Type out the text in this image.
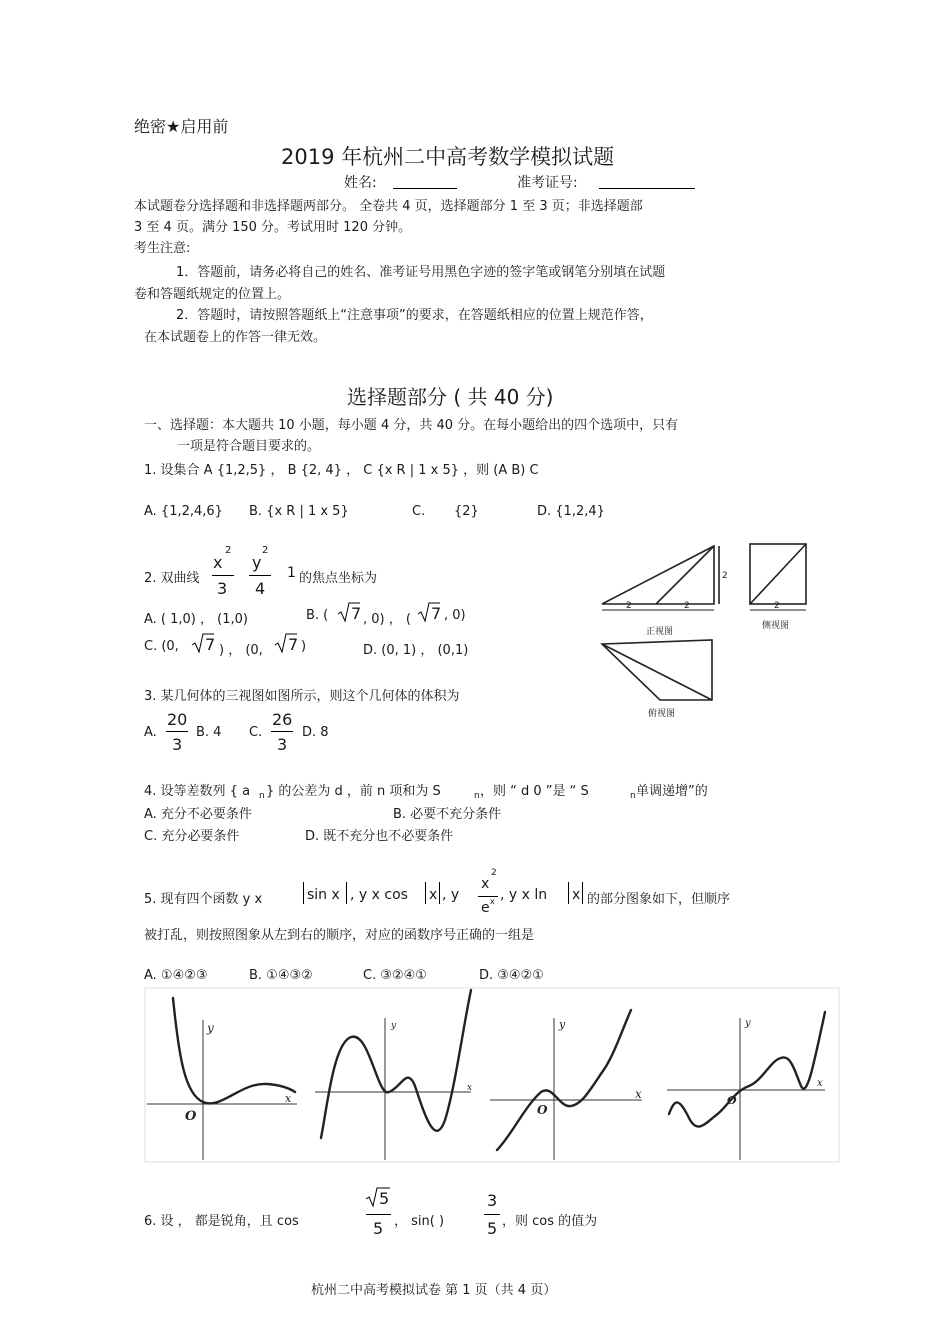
绝密★启用前
2019 年杭州二中高考数学模拟试题
姓名:	准考证号:
本试题卷分选择题和非选择题两部分。 全卷共 4 页，选择题部分 1 至 3 页；非选择题部
3 至 4 页。满分 150 分。考试用时 120 分钟。
考生注意:
1．答题前，请务必将自己的姓名、准考证号用黑色字迹的签字笔或钢笔分别填在试题
卷和答题纸规定的位置上。
2．答题时，请按照答题纸上“注意事项”的要求，在答题纸相应的位置上规范作答，
在本试题卷上的作答一律无效。
选择题部分 ( 共 40 分)
一、选择题：本大题共 10 小题，每小题 4 分，共 40 分。在每小题给出的四个选项中，只有
一项是符合题目要求的。
1. 设集合 A {1,2,5} ， B {2, 4} ， C {x R | 1 x 5} ，则 (A B) C
A. {1,2,4,6} B. {x R | 1 x 5}	C. {2}	D. {1,2,4}
2. 双曲线
x
2
3
y
2
4
1 的焦点坐标为
A. ( 1,0) ， (1,0)	B. ( 7 , 0) ， ( 7 , 0)
C. (0, 7 ) ， (0, 7 )	D. (0, 1) ， (0,1)
2	2
2
2
正视图
侧视图
俯视图
3. 某几何体的三视图如图所示，则这个几何体的体积为
A.
20
3
B. 4 C.
26
3
D. 8
4. 设等差数列 { a n } 的公差为 d ，前 n 项和为 S	n ，则 “ d 0 ”是 “ S	n 单调递增”的
A. 充分不必要条件	B. 必要不充分条件
C. 充分必要条件	D. 既不充分也不必要条件
5. 现有四个函数 y x	sin x , y x cos x , y
x
2
e x , y x ln x 的部分图象如下，但顺序
被打乱，则按照图象从左到右的顺序，对应的函数序号正确的一组是
A. ①④②③	B. ①④③②	C. ③②④①	D. ③④②①
y
O
x
y
x
y
O
x
y
O
x
6. 设 ， 都是锐角，且 cos
5
5 ， sin( )
3
5 ，则 cos 的值为
杭州二中高考模拟试卷 第 1 页（共 4 页）
